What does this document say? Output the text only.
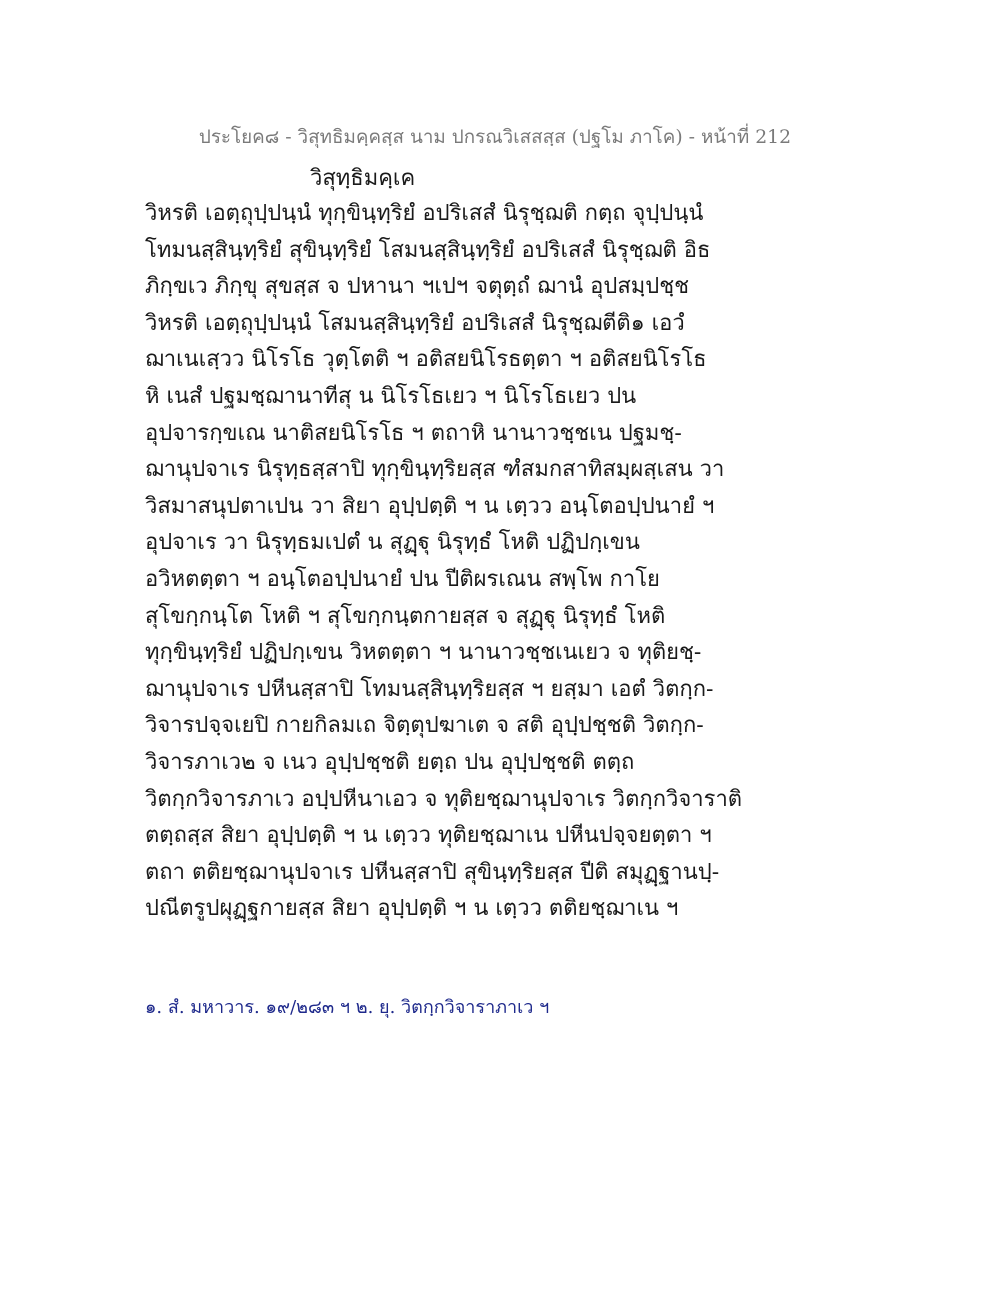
ประโยค๘ - วิสุทธิมคฺคสฺส นาม ปกรณวิเสสสฺส (ปฐโม ภาโค) - หน้าที่ 212
วิสุทฺธิมคฺเค
วิหรติ เอตฺถุปฺปนฺนํ ทุกฺขินฺทฺริยํ อปริเสสํ นิรุชฺฌติ กตฺถ จุปฺปนฺนํ
โทมนสฺสินฺทฺริยํ สุขินฺทฺริยํ โสมนสฺสินฺทฺริยํ อปริเสสํ นิรุชฺฌติ อิธ
ภิกฺขเว ภิกฺขุ สุขสฺส จ ปหานา ฯเปฯ จตุตฺถํ ฌานํ อุปสมฺปชฺช
วิหรติ เอตฺถุปฺปนฺนํ โสมนสฺสินฺทฺริยํ อปริเสสํ นิรุชฺฌตีติ๑ เอวํ
ฌาเนเสฺวว นิโรโธ วุตฺโตติ ฯ อติสยนิโรธตฺตา ฯ อติสยนิโรโธ
หิ เนสํ ปฐมชฺฌานาทีสุ น นิโรโธเยว ฯ นิโรโธเยว ปน
อุปจารกฺขเณ นาติสยนิโรโธ ฯ ตถาหิ นานาวชฺชเน ปฐมชฺ-
ฌานุปจาเร นิรุทฺธสฺสาปิ ทุกฺขินฺทฺริยสฺส ฑํสมกสาทิสมฺผสฺเสน วา
วิสมาสนุปตาเปน วา สิยา อุปฺปตฺติ ฯ น เตฺวว อนฺโตอปฺปนายํ ฯ
อุปจาเร วา นิรุทฺธมเปตํ น สุฏฺฐุ นิรุทฺธํ โหติ ปฏิปกฺเขน
อวิหตตฺตา ฯ อนฺโตอปฺปนายํ ปน ปีติผรเณน สพฺโพ กาโย
สุโขกฺกนฺโต โหติ ฯ สุโขกฺกนฺตกายสฺส จ สุฏฺฐุ นิรุทฺธํ โหติ
ทุกฺขินฺทฺริยํ ปฏิปกฺเขน วิหตตฺตา ฯ นานาวชฺชเนเยว จ ทุติยชฺ-
ฌานุปจาเร ปหีนสฺสาปิ โทมนสฺสินฺทฺริยสฺส ฯ ยสฺมา เอตํ วิตกฺก-
วิจารปจฺจเยปิ กายกิลมเถ จิตฺตุปฆาเต จ สติ อุปฺปชฺชติ วิตกฺก-
วิจารภาเว๒ จ เนว อุปฺปชฺชติ ยตฺถ ปน อุปฺปชฺชติ ตตฺถ
วิตกฺกวิจารภาเว อปฺปหีนาเอว จ ทุติยชฺฌานุปจาเร วิตกฺกวิจาราติ
ตตฺถสฺส สิยา อุปฺปตฺติ ฯ น เตฺวว ทุติยชฺฌาเน ปหีนปจฺจยตฺตา ฯ
ตถา ตติยชฺฌานุปจาเร ปหีนสฺสาปิ สุขินฺทฺริยสฺส ปีติ สมุฏฺฐานปฺ-
ปณีตรูปผุฏฺฐกายสฺส สิยา อุปฺปตฺติ ฯ น เตฺวว ตติยชฺฌาเน ฯ
๑. สํ. มหาวาร. ๑๙/๒๘๓ ฯ ๒. ยุ. วิตกฺกวิจาราภาเว ฯ
